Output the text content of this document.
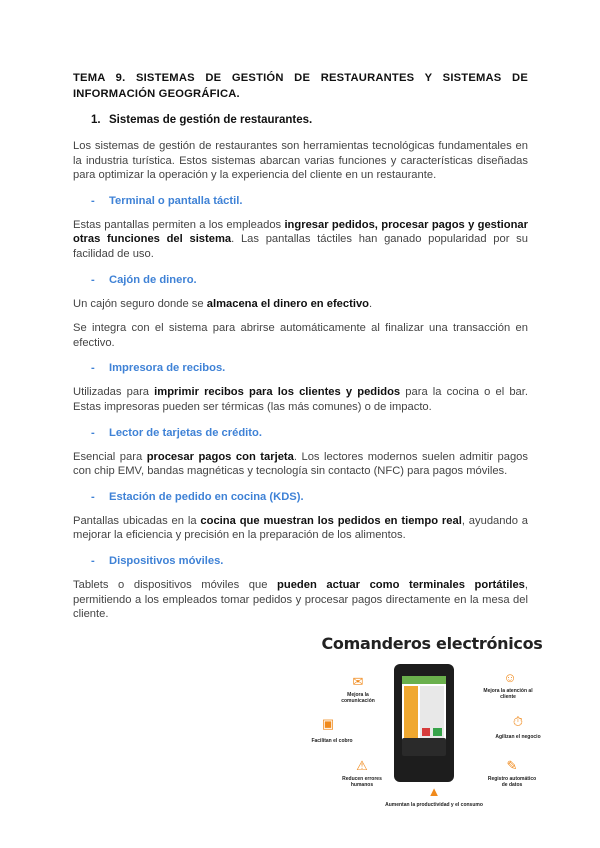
TEMA 9. SISTEMAS DE GESTIÓN DE RESTAURANTES Y SISTEMAS DE INFORMACIÓN GEOGRÁFICA.
1. Sistemas de gestión de restaurantes.

Los sistemas de gestión de restaurantes son herramientas tecnológicas fundamentales en la industria turística. Estos sistemas abarcan varias funciones y características diseñadas para optimizar la operación y la experiencia del cliente en un restaurante.

- Terminal o pantalla táctil.

Estas pantallas permiten a los empleados ingresar pedidos, procesar pagos y gestionar otras funciones del sistema. Las pantallas táctiles han ganado popularidad por su facilidad de uso.

- Cajón de dinero.

Un cajón seguro donde se almacena el dinero en efectivo.

Se integra con el sistema para abrirse automáticamente al finalizar una transacción en efectivo.

- Impresora de recibos.

Utilizadas para imprimir recibos para los clientes y pedidos para la cocina o el bar. Estas impresoras pueden ser térmicas (las más comunes) o de impacto.

- Lector de tarjetas de crédito.

Esencial para procesar pagos con tarjeta. Los lectores modernos suelen admitir pagos con chip EMV, bandas magnéticas y tecnología sin contacto (NFC) para pagos móviles.

- Estación de pedido en cocina (KDS).

Pantallas ubicadas en la cocina que muestran los pedidos en tiempo real, ayudando a mejorar la eficiencia y precisión en la preparación de los alimentos.

- Dispositivos móviles.

Tablets o dispositivos móviles que pueden actuar como terminales portátiles, permitiendo a los empleados tomar pedidos y procesar pagos directamente en la mesa del cliente.

Comanderos electrónicos
✉
Mejora la comunicación
☺
Mejora la atención al cliente
▣
Facilitan el cobro
⏱
Agilizan el negocio
⚠
Reducen errores humanos
✎
Registro automático de datos
▲
Aumentan la productividad y el consumo
